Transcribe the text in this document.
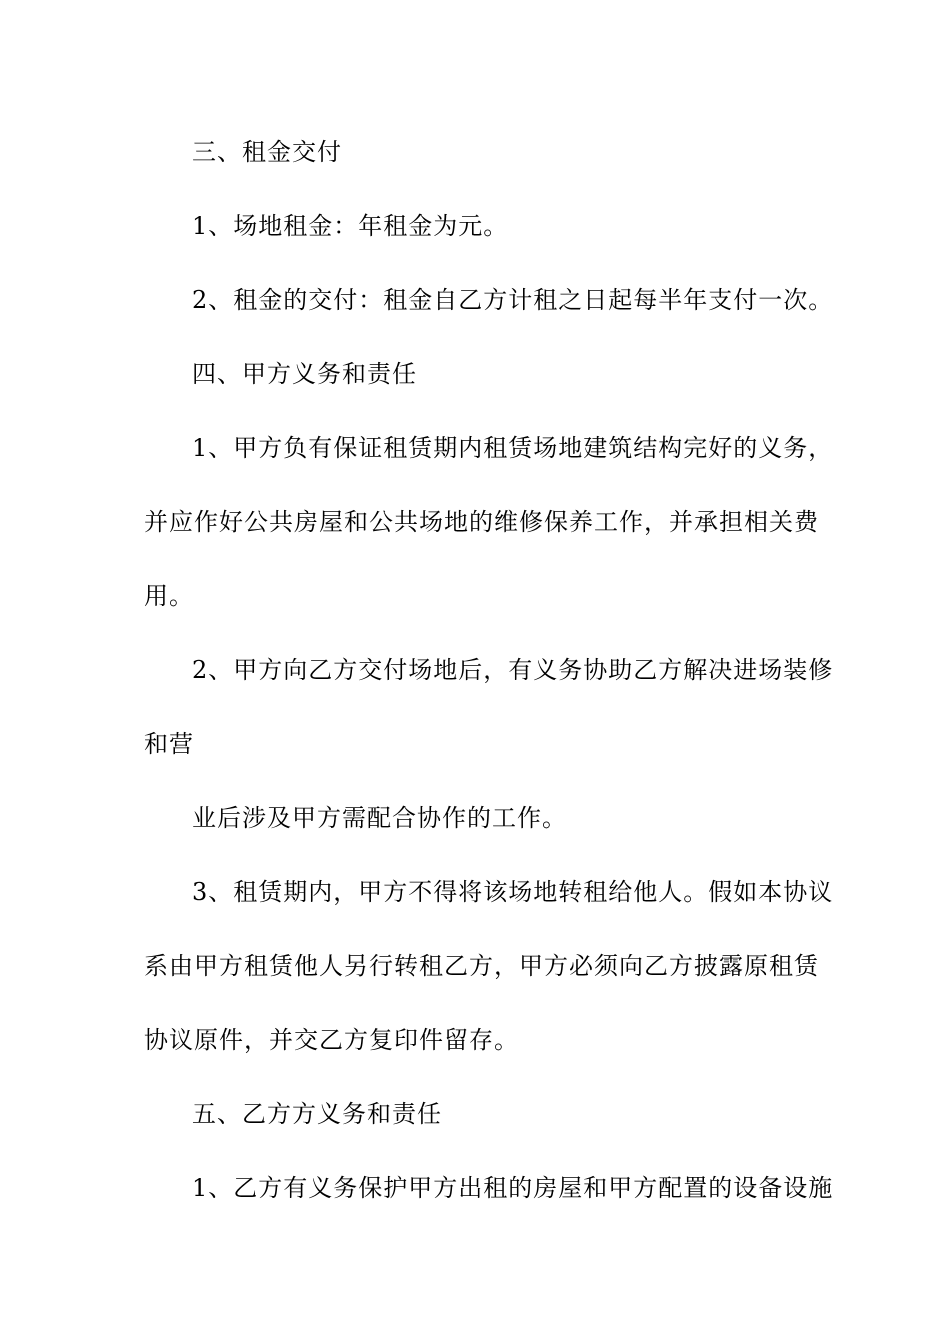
三、租金交付
1、场地租金：年租金为元。
2、租金的交付：租金自乙方计租之日起每半年支付一次。
四、甲方义务和责任
1、甲方负有保证租赁期内租赁场地建筑结构完好的义务，
并应作好公共房屋和公共场地的维修保养工作，并承担相关费
用。
2、甲方向乙方交付场地后，有义务协助乙方解决进场装修
和营
业后涉及甲方需配合协作的工作。
3、租赁期内，甲方不得将该场地转租给他人。假如本协议
系由甲方租赁他人另行转租乙方，甲方必须向乙方披露原租赁
协议原件，并交乙方复印件留存。
五、乙方方义务和责任
1、乙方有义务保护甲方出租的房屋和甲方配置的设备设施
